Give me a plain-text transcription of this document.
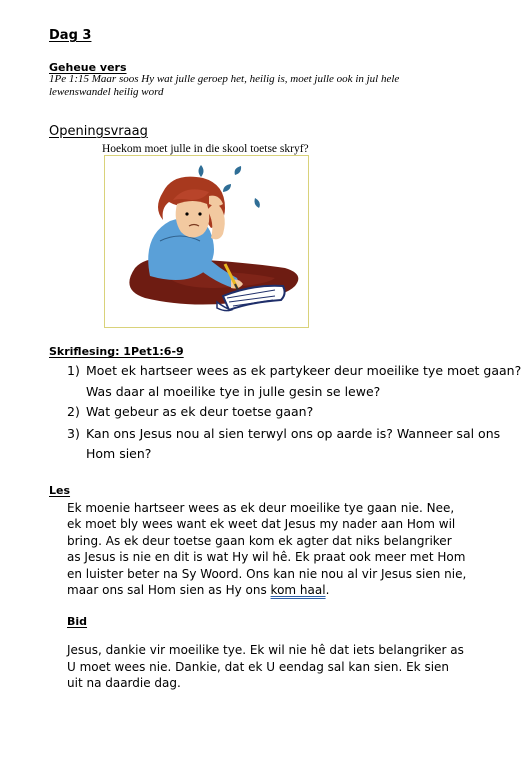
Dag 3
Geheue vers
1Pe 1:15 Maar soos Hy wat julle geroep het, heilig is, moet julle ook in jul hele
lewenswandel heilig word
Openingsvraag
Hoekom moet julle in die skool toetse skryf?
Skriflesing: 1Pet1:6-9
1) Moet ek hartseer wees as ek partykeer deur moeilike tye moet gaan?
Was daar al moeilike tye in julle gesin se lewe?
2) Wat gebeur as ek deur toetse gaan?
3) Kan ons Jesus nou al sien terwyl ons op aarde is? Wanneer sal ons
Hom sien?
Les
Ek moenie hartseer wees as ek deur moeilike tye gaan nie. Nee, ek moet bly wees want ek weet dat Jesus my nader aan Hom wil bring. As ek deur toetse gaan kom ek agter dat niks belangriker as Jesus is nie en dit is wat Hy wil hê. Ek praat ook meer met Hom en luister beter na Sy Woord. Ons kan nie nou al vir Jesus sien nie, maar ons sal Hom sien as Hy ons kom haal.
Bid
Jesus, dankie vir moeilike tye. Ek wil nie hê dat iets belangriker as U moet wees nie. Dankie, dat ek U eendag sal kan sien. Ek sien uit na daardie dag.
